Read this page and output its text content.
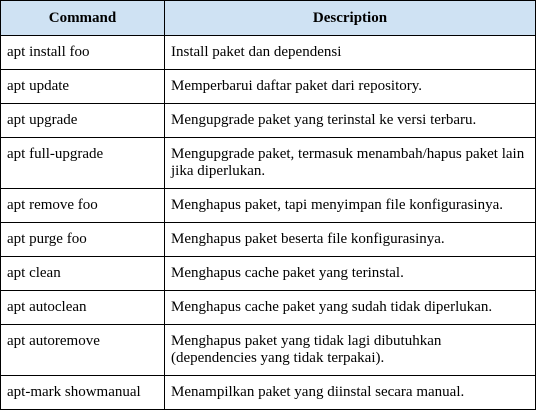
Command	Description
apt install foo	Install paket dan dependensi
apt update	Memperbarui daftar paket dari repository.
apt upgrade	Mengupgrade paket yang terinstal ke versi terbaru.
apt full-upgrade	Mengupgrade paket, termasuk menambah/hapus paket lain jika diperlukan.
apt remove foo	Menghapus paket, tapi menyimpan file konfigurasinya.
apt purge foo	Menghapus paket beserta file konfigurasinya.
apt clean	Menghapus cache paket yang terinstal.
apt autoclean	Menghapus cache paket yang sudah tidak diperlukan.
apt autoremove	Menghapus paket yang tidak lagi dibutuhkan (dependencies yang tidak terpakai).
apt-mark showmanual	Menampilkan paket yang diinstal secara manual.
